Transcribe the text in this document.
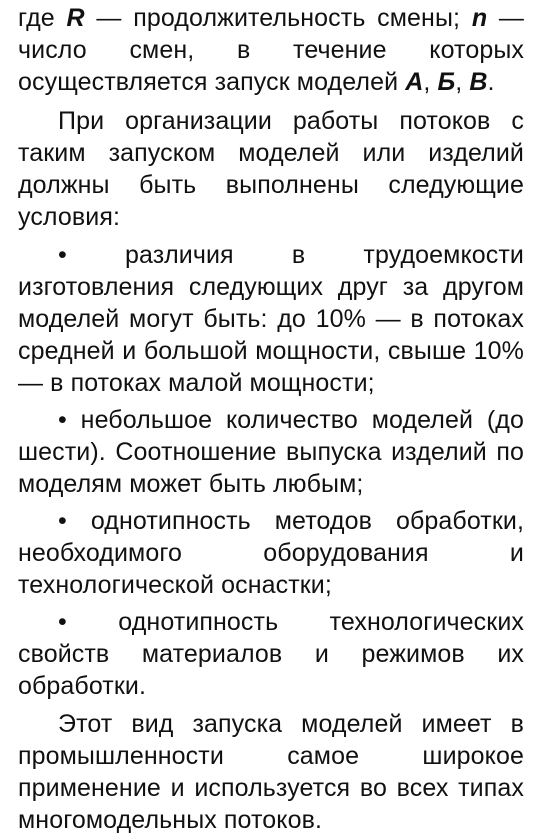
где R — продолжительность смены; n — число смен, в течение которых осуществляется запуск моделей А, Б, В.

При организации работы потоков с таким запуском моделей или изделий должны быть выполнены следующие условия:

• различия в трудоемкости изготовления следующих друг за другом моделей могут быть: до 10% — в потоках средней и большой мощности, свыше 10% — в потоках малой мощности;

• небольшое количество моделей (до шести). Соотношение выпуска изделий по моделям может быть любым;

• однотипность методов обработки, необходимого оборудования и технологической оснастки;

• однотипность технологических свойств материалов и режимов их обработки.

Этот вид запуска моделей имеет в промышленности самое широкое применение и используется во всех типах многомодельных потоков.
